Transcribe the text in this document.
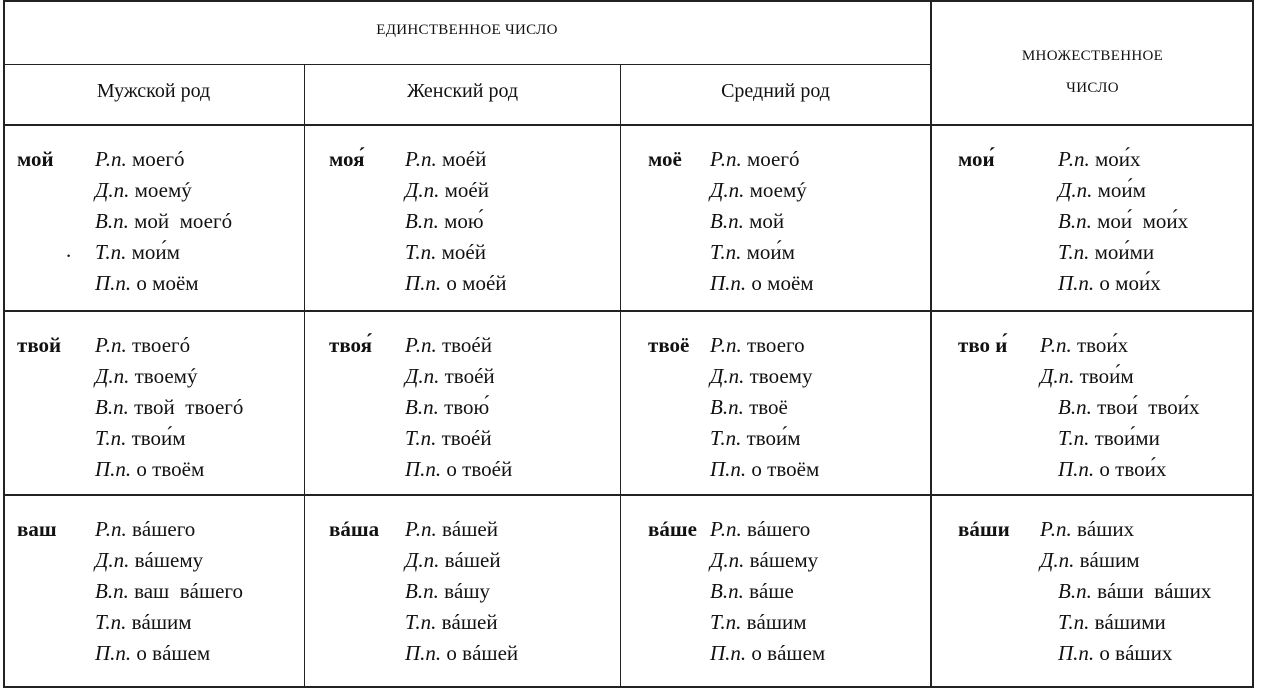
ЕДИНСТВЕННОЕ ЧИСЛО
МНОЖЕСТВЕННОЕ
ЧИСЛО
Мужской род	Женский род	Средний род
.
мой Р.п. моегó
Д.п. моемý
В.п. мой  моегó
Т.п. мои́м
П.п. о моём
моя́ Р.п. моéй
Д.п. моéй
В.п. мою́
Т.п. моéй
П.п. о моéй
моё Р.п. моегó
Д.п. моемý
В.п. мой
Т.п. мои́м
П.п. о моём
мои́	Р.п. мои́х
Д.п. мои́м
В.п. мои́  мои́х
Т.п. мои́ми
П.п. о мои́х
твой Р.п. твоегó
Д.п. твоемý
В.п. твой  твоегó
Т.п. твои́м
П.п. о твоём
твоя́ Р.п. твоéй
Д.п. твоéй
В.п. твою́
Т.п. твоéй
П.п. о твоéй
твоё Р.п. твоего
Д.п. твоему
В.п. твоё
Т.п. твои́м
П.п. о твоём
тво и́ Р.п. твои́х
Д.п. твои́м
В.п. твои́  твои́х
Т.п. твои́ми
П.п. о твои́х
ваш Р.п. вáшего
Д.п. вáшему
В.п. ваш  вáшего
Т.п. вáшим
П.п. о вáшем
вáша Р.п. вáшей
Д.п. вáшей
В.п. вáшу
Т.п. вáшей
П.п. о вáшей
вáше Р.п. вáшего
Д.п. вáшему
В.п. вáше
Т.п. вáшим
П.п. о вáшем
вáши Р.п. вáших
Д.п. вáшим
В.п. вáши  вáших
Т.п. вáшими
П.п. о вáших
